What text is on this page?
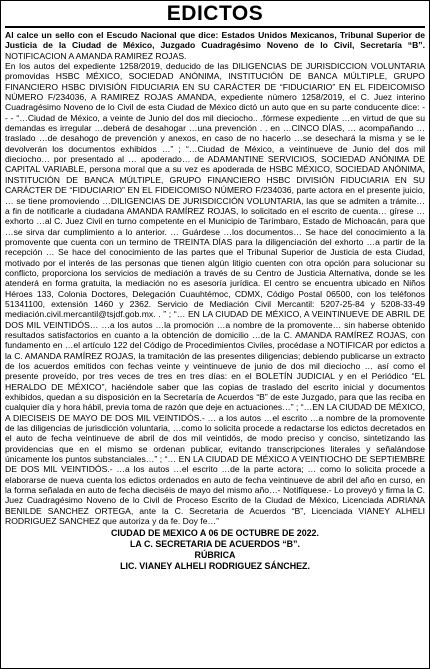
EDICTOS

Al calce un sello con el Escudo Nacional que dice: Estados Unidos Mexicanos, Tribunal Superior de Justicia de la Ciudad de México, Juzgado Cuadragésimo Noveno de lo Civil, Secretaría “B”. NOTIFICACION A AMANDA RAMIREZ ROJAS.
En los autos del expediente 1258/2019, deducido de las DILIGENCIAS DE JURISDICCION VOLUNTARIA promovidas HSBC MÉXICO, SOCIEDAD ANÓNIMA, INSTITUCIÓN DE BANCA MÚLTIPLE, GRUPO FINANCIERO HSBC DIVISIÓN FIDUCIARIA EN SU CARÁCTER DE “FIDUCIARIO” EN EL FIDEICOMISO NÚMERO F/234036, A RAMIREZ ROJAS AMANDA, expediente número 1258/2019, el C. Juez interino Cuadragésimo Noveno de lo Civil de esta Ciudad de México dictó un auto que en su parte conducente dice: - - - “…Ciudad de México, a veinte de Junio del dos mil dieciocho.. .fórmese expediente …en virtud de que su demandas es irregular …deberá de desahogar …una prevención . . en …CINCO DÍAS, … acompañando …traslado …de desahogo de prevención y anexos, en caso de no hacerlo …se desechará la misma y se le devolverán los documentos exhibidos …” ; “…Ciudad de México, a veintinueve de Junio del dos mil dieciocho… por presentado al … apoderado… de ADAMANTINE SERVICIOS, SOCIEDAD ANÓNIMA DE CAPITAL VARIABLE, persona moral que a su vez es apoderada de HSBC MÉXICO, SOCIEDAD ANÓNIMA, INSTITUCIÓN DE BANCA MÚLTIPLE, GRUPO FINANCIERO HSBC DIVISIÓN FIDUCIARIA EN SU CARÁCTER DE “FIDUCIARIO” EN EL FIDEICOMISO NÚMERO F/234036, parte actora en el presente juicio, … se tiene promoviendo …DILIGENCIAS DE JURISDICCIÓN VOLUNTARIA, las que se admiten a trámite… a fin de notificarle a ciudadana AMANDA RAMÍREZ ROJAS, lo solicitado en el escrito de cuenta… gírese …exhorto …al C. Juez Civil en turno competente en el Municipio de Tarímbaro, Estado de Michoacán, para que …se sirva dar cumplimiento a lo anterior. … Guárdese …los documentos… Se hace del conocimiento a la promovente que cuenta con un termino de TREINTA DÍAS para la diligenciación del exhorto …a partir de la recepción … Se hace del conocimiento de las partes que el Tribunal Superior de Justicia de esta Ciudad, motivado por el interés de las personas que tienen algún litigio cuenten con otra opción para solucionar su conflicto, proporciona los servicios de mediación a través de su Centro de Justicia Alternativa, donde se les atenderá en forma gratuita, la mediación no es asesoría jurídica. El centro se encuentra ubicado en Niños Héroes 133, Colonia Doctores, Delegación Cuauhtémoc, CDMX, Código Postal 06500, con los teléfonos 51341100, extensión 1460 y 2362. Servicio de Mediación Civil Mercantil: 5207-25-84 y 5208-33-49 mediación.civil.mercantil@tsjdf.gob.mx. . ” ; “… EN LA CIUDAD DE MÉXICO, A VEINTINUEVE DE ABRIL DE DOS MIL VEINTIDÓS… …a los autos …la promoción …a nombre de la promovente… sin haberse obtenido resultados satisfactorios en cuanto a la obtención de domicilio …de la C. AMANDA RAMÍREZ ROJAS, con fundamento en …el artículo 122 del Código de Procedimientos Civiles, procédase a NOTIFICAR por edictos a la C. AMANDA RAMÍREZ ROJAS, la tramitación de las presentes diligencias; debiendo publicarse un extracto de los acuerdos emitidos con fechas veinte y veintinueve de junio de dos mil dieciocho … así como el presente proveído, por tres veces de tres en tres días: en el BOLETÍN JUDICIAL y en el Periódico “EL HERALDO DE MÉXICO”, haciéndole saber que las copias de traslado del escrito inicial y documentos exhibidos, quedan a su disposición en la Secretaría de Acuerdos “B” de este Juzgado, para que las reciba en cualquier día y hora hábil, previa toma de razón que deje en actuaciones…” ; “…EN LA CIUDAD DE MÉXICO, A DIECISEIS DE MAYO DE DOS MIL VEINTIDÓS.- … a los autos …el escrito …a nombre de la promovente de las diligencias de jurisdicción voluntaria, …como lo solicita procede a redactarse los edictos decretados en el auto de fecha veintinueve de abril de dos mil veintidós, de modo preciso y conciso, sintetizando las providencias que en el mismo se ordenan publicar, evitando transcripciones literales y señalándose únicamente los puntos substanciales…” ; “… EN LA CIUDAD DE MÉXICO A VEINTIOCHO DE SEPTIEMBRE DE DOS MIL VEINTIDÓS.- …a los autos …el escrito …de la parte actora; … como lo solicita procede a elaborarse de nueva cuenta los edictos ordenados en auto de fecha veintinueve de abril del año en curso, en la forma señalada en auto de fecha dieciséis de mayo del mismo año…- Notifíquese.- Lo proveyó y firma la C. Juez Cuadragésimo Noveno de lo Civil de Proceso Escrito de la Ciudad de México, Licenciada ADRIANA BENILDE SANCHEZ ORTEGA, ante la C. Secretaria de Acuerdos “B”, Licenciada VIANEY ALHELI RODRIGUEZ SANCHEZ que autoriza y da fe. Doy fe…”

CIUDAD DE MEXICO A 06 DE OCTUBRE DE 2022.
LA C. SECRETARIA DE ACUERDOS “B”.
RÚBRICA
LIC. VIANEY ALHELI RODRIGUEZ SÁNCHEZ.
